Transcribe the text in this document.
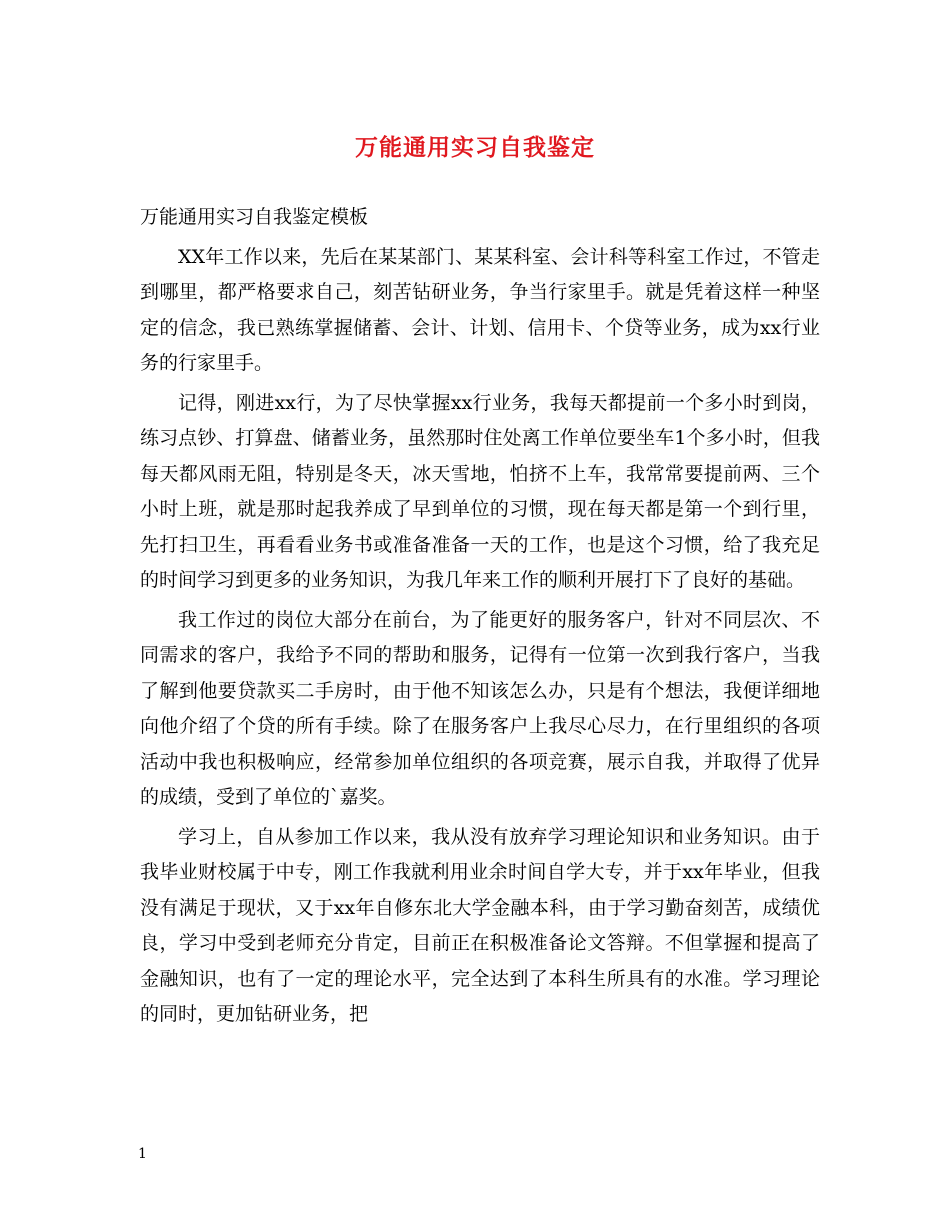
万能通用实习自我鉴定

万能通用实习自我鉴定模板

XX年工作以来，先后在某某部门、某某科室、会计科等科室工作过，不管走到哪里，都严格要求自己，刻苦钻研业务，争当行家里手。就是凭着这样一种坚定的信念，我已熟练掌握储蓄、会计、计划、信用卡、个贷等业务，成为xx行业务的行家里手。

记得，刚进xx行，为了尽快掌握xx行业务，我每天都提前一个多小时到岗，练习点钞、打算盘、储蓄业务，虽然那时住处离工作单位要坐车1个多小时，但我每天都风雨无阻，特别是冬天，冰天雪地，怕挤不上车，我常常要提前两、三个小时上班，就是那时起我养成了早到单位的习惯，现在每天都是第一个到行里，先打扫卫生，再看看业务书或准备准备一天的工作，也是这个习惯，给了我充足的时间学习到更多的业务知识，为我几年来工作的顺利开展打下了良好的基础。

我工作过的岗位大部分在前台，为了能更好的服务客户，针对不同层次、不同需求的客户，我给予不同的帮助和服务，记得有一位第一次到我行客户，当我了解到他要贷款买二手房时，由于他不知该怎么办，只是有个想法，我便详细地向他介绍了个贷的所有手续。除了在服务客户上我尽心尽力，在行里组织的各项活动中我也积极响应，经常参加单位组织的各项竞赛，展示自我，并取得了优异的成绩，受到了单位的`嘉奖。

学习上，自从参加工作以来，我从没有放弃学习理论知识和业务知识。由于我毕业财校属于中专，刚工作我就利用业余时间自学大专，并于xx年毕业，但我没有满足于现状，又于xx年自修东北大学金融本科，由于学习勤奋刻苦，成绩优良，学习中受到老师充分肯定，目前正在积极准备论文答辩。不但掌握和提高了金融知识，也有了一定的理论水平，完全达到了本科生所具有的水准。学习理论的同时，更加钻研业务，把

1
